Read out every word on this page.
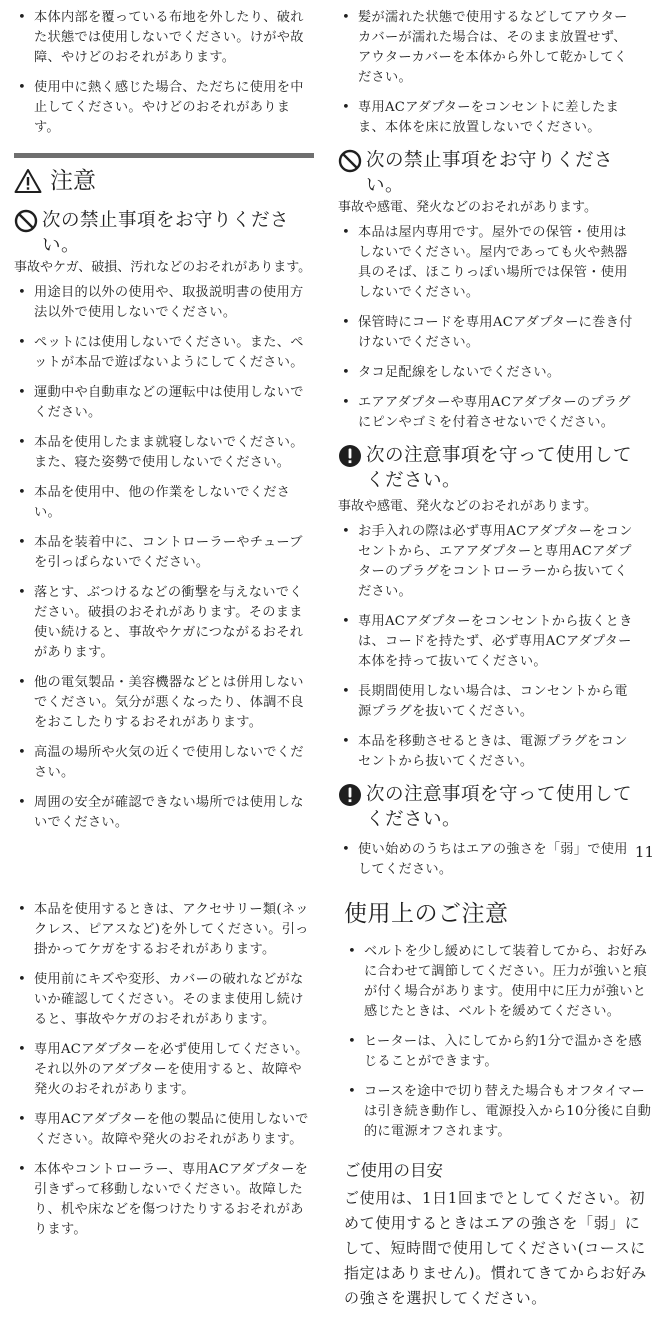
• 本体内部を覆っている布地を外したり、破れた状態では使用しないでください。けがや故障、やけどのおそれがあります。
• 使用中に熱く感じた場合、ただちに使用を中止してください。やけどのおそれがあります。
注意
次の禁止事項をお守りください。

事故やケガ、破損、汚れなどのおそれがあります。

• 用途目的以外の使用や、取扱説明書の使用方法以外で使用しないでください。
• ペットには使用しないでください。また、ペットが本品で遊ばないようにしてください。
• 運動中や自動車などの運転中は使用しないでください。
• 本品を使用したまま就寝しないでください。また、寝た姿勢で使用しないでください。
• 本品を使用中、他の作業をしないでください。
• 本品を装着中に、コントローラーやチューブを引っぱらないでください。
• 落とす、ぶつけるなどの衝撃を与えないでください。破損のおそれがあります。そのまま使い続けると、事故やケガにつながるおそれがあります。
• 他の電気製品・美容機器などとは併用しないでください。気分が悪くなったり、体調不良をおこしたりするおそれがあります。
• 高温の場所や火気の近くで使用しないでください。
• 周囲の安全が確認できない場所では使用しないでください。
• 髪が濡れた状態で使用するなどしてアウターカバーが濡れた場合は、そのまま放置せず、アウターカバーを本体から外して乾かしてください。
• 専用ACアダプターをコンセントに差したまま、本体を床に放置しないでください。
次の禁止事項をお守りください。

事故や感電、発火などのおそれがあります。

• 本品は屋内専用です。屋外での保管・使用はしないでください。屋内であっても火や熱器具のそば、ほこりっぽい場所では保管・使用しないでください。
• 保管時にコードを専用ACアダプターに巻き付けないでください。
• タコ足配線をしないでください。
• エアアダプターや専用ACアダプターのプラグにピンやゴミを付着させないでください。
次の注意事項を守って使用してください。

事故や感電、発火などのおそれがあります。

• お手入れの際は必ず専用ACアダプターをコンセントから、エアアダプターと専用ACアダプターのプラグをコントローラーから抜いてください。
• 専用ACアダプターをコンセントから抜くときは、コードを持たず、必ず専用ACアダプター本体を持って抜いてください。
• 長期間使用しない場合は、コンセントから電源プラグを抜いてください。
• 本品を移動させるときは、電源プラグをコンセントから抜いてください。
次の注意事項を守って使用してください。
• 使い始めのうちはエアの強さを「弱」で使用してください。
11
• 本品を使用するときは、アクセサリー類(ネックレス、ピアスなど)を外してください。引っ掛かってケガをするおそれがあります。
• 使用前にキズや変形、カバーの破れなどがないか確認してください。そのまま使用し続けると、事故やケガのおそれがあります。
• 専用ACアダプターを必ず使用してください。それ以外のアダプターを使用すると、故障や発火のおそれがあります。
• 専用ACアダプターを他の製品に使用しないでください。故障や発火のおそれがあります。
• 本体やコントローラー、専用ACアダプターを引きずって移動しないでください。故障したり、机や床などを傷つけたりするおそれがあります。
使用上のご注意
• ベルトを少し緩めにして装着してから、お好みに合わせて調節してください。圧力が強いと痕が付く場合があります。使用中に圧力が強いと感じたときは、ベルトを緩めてください。
• ヒーターは、入にしてから約1分で温かさを感じることができます。
• コースを途中で切り替えた場合もオフタイマーは引き続き動作し、電源投入から10分後に自動的に電源オフされます。
ご使用の目安

ご使用は、1日1回までとしてください。初めて使用するときはエアの強さを「弱」にして、短時間で使用してください(コースに指定はありません)。慣れてきてからお好みの強さを選択してください。
